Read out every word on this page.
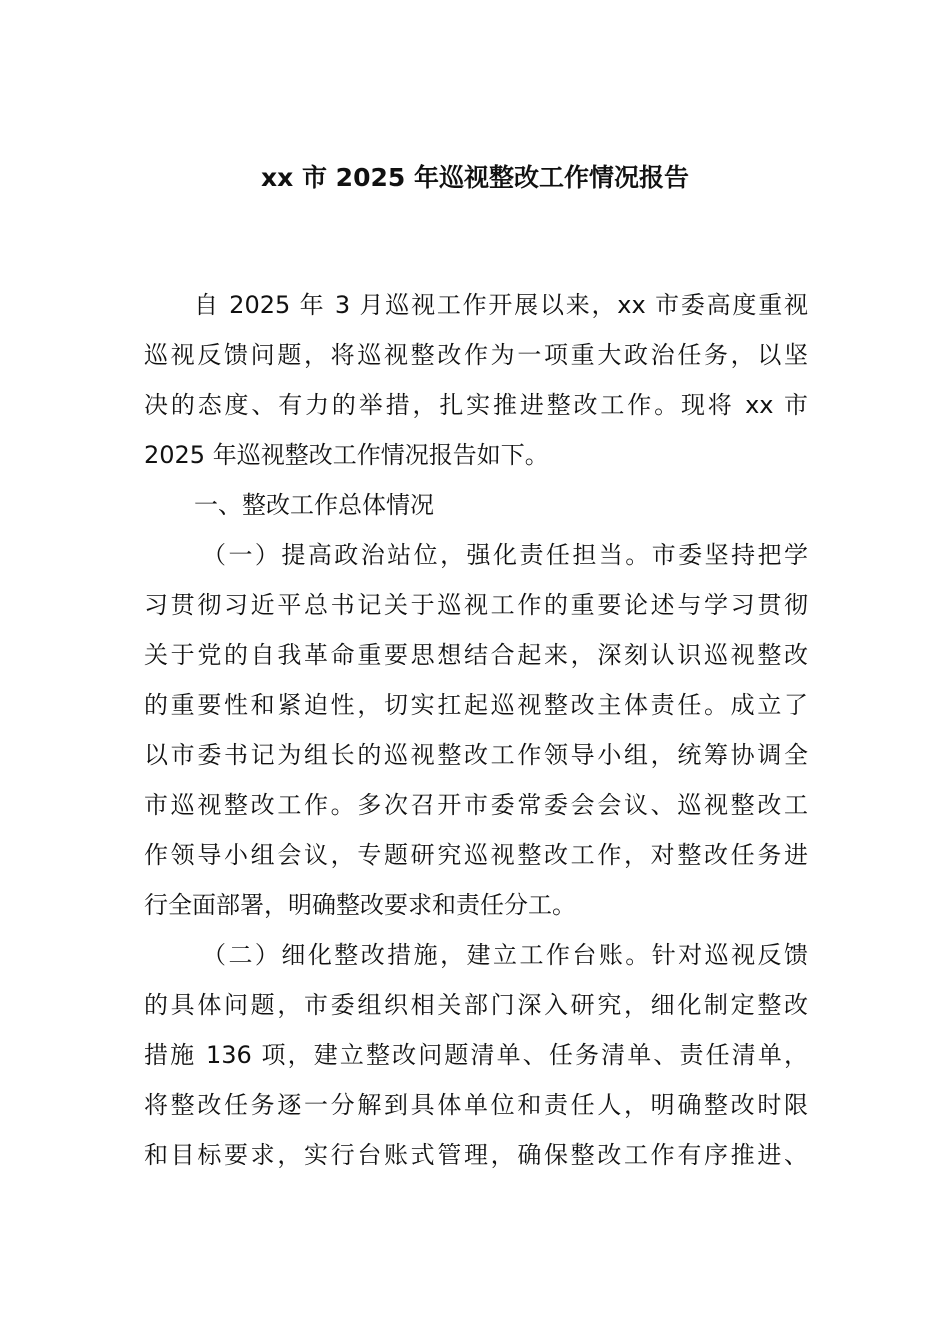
xx 市 2025 年巡视整改工作情况报告
自 2025 年 3 月巡视工作开展以来，xx 市委高度重视
巡视反馈问题，将巡视整改作为一项重大政治任务，以坚
决的态度、有力的举措，扎实推进整改工作。现将 xx 市
2025 年巡视整改工作情况报告如下。
一、整改工作总体情况
（一）提高政治站位，强化责任担当。市委坚持把学
习贯彻习近平总书记关于巡视工作的重要论述与学习贯彻
关于党的自我革命重要思想结合起来，深刻认识巡视整改
的重要性和紧迫性，切实扛起巡视整改主体责任。成立了
以市委书记为组长的巡视整改工作领导小组，统筹协调全
市巡视整改工作。多次召开市委常委会会议、巡视整改工
作领导小组会议，专题研究巡视整改工作，对整改任务进
行全面部署，明确整改要求和责任分工。
（二）细化整改措施，建立工作台账。针对巡视反馈
的具体问题，市委组织相关部门深入研究，细化制定整改
措施 136 项，建立整改问题清单、任务清单、责任清单，
将整改任务逐一分解到具体单位和责任人，明确整改时限
和目标要求，实行台账式管理，确保整改工作有序推进、
